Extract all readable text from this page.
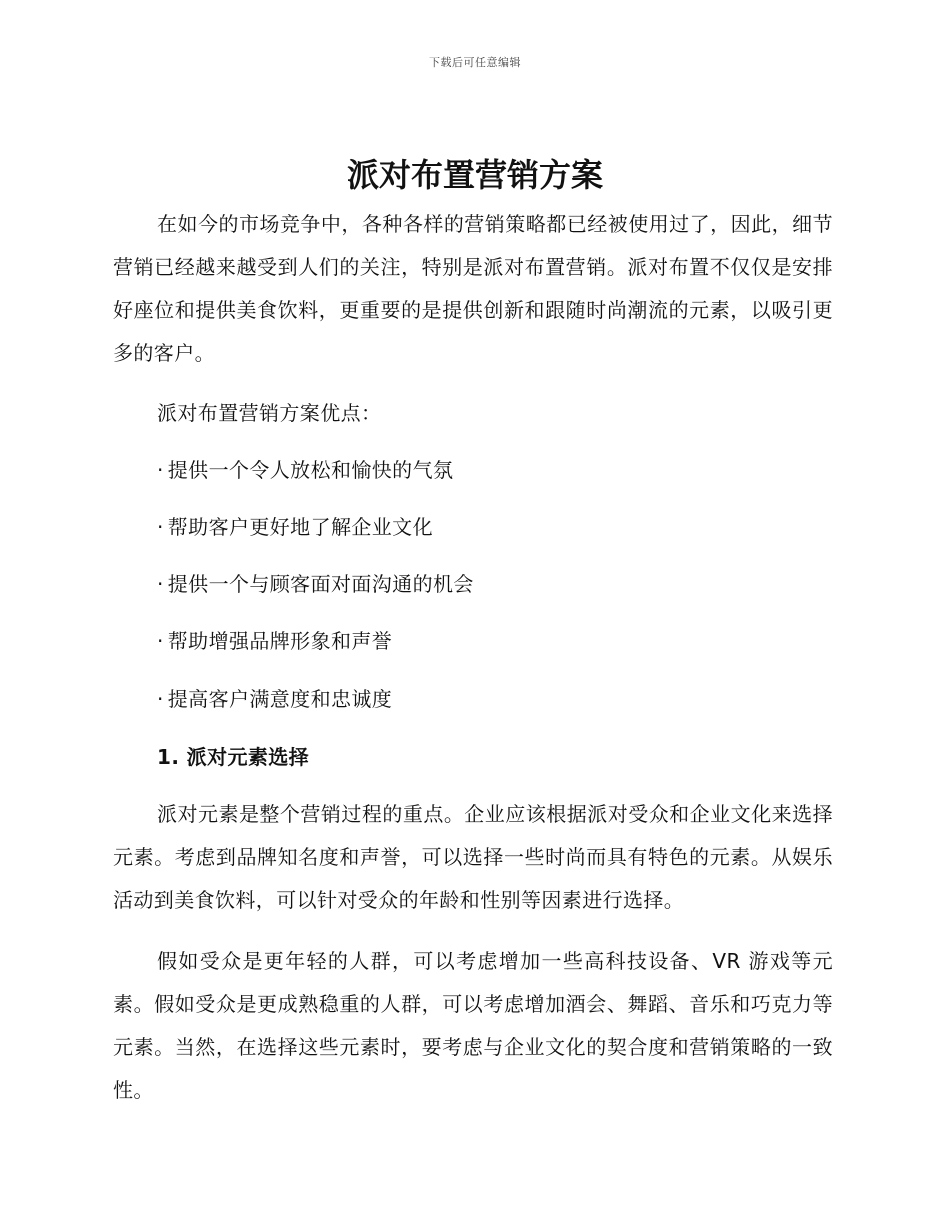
下载后可任意编辑
派对布置营销方案

在如今的市场竞争中，各种各样的营销策略都已经被使用过了，因此，细节营销已经越来越受到人们的关注，特别是派对布置营销。派对布置不仅仅是安排好座位和提供美食饮料，更重要的是提供创新和跟随时尚潮流的元素，以吸引更多的客户。

派对布置营销方案优点：

· 提供一个令人放松和愉快的气氛

· 帮助客户更好地了解企业文化

· 提供一个与顾客面对面沟通的机会

· 帮助增强品牌形象和声誉

· 提高客户满意度和忠诚度

1. 派对元素选择

派对元素是整个营销过程的重点。企业应该根据派对受众和企业文化来选择元素。考虑到品牌知名度和声誉，可以选择一些时尚而具有特色的元素。从娱乐活动到美食饮料，可以针对受众的年龄和性别等因素进行选择。

假如受众是更年轻的人群，可以考虑增加一些高科技设备、VR 游戏等元素。假如受众是更成熟稳重的人群，可以考虑增加酒会、舞蹈、音乐和巧克力等元素。当然，在选择这些元素时，要考虑与企业文化的契合度和营销策略的一致性。
